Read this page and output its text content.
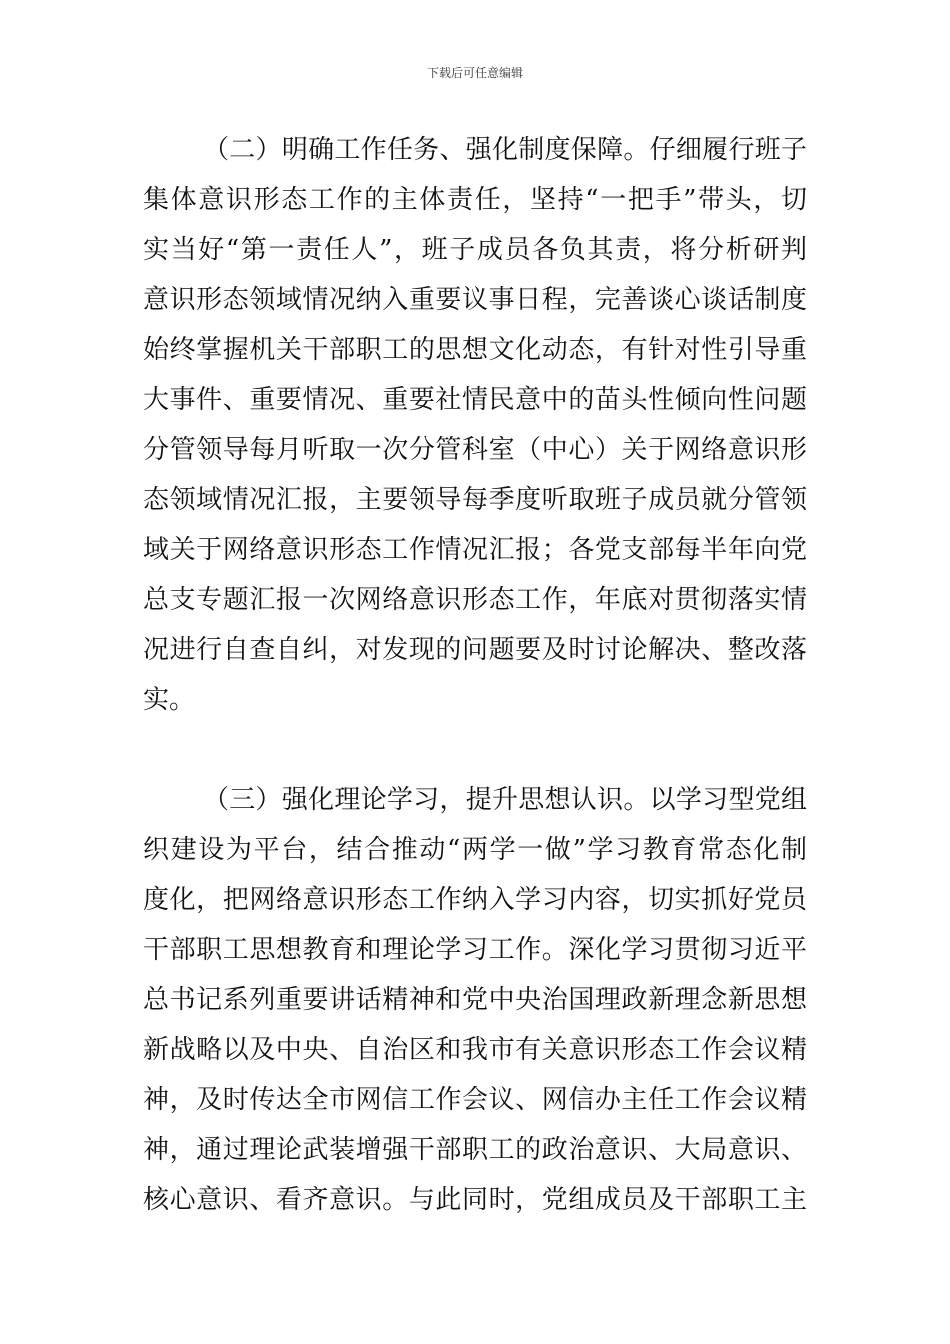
下载后可任意编辑
（二）明确工作任务、强化制度保障。仔细履行班子
集体意识形态工作的主体责任，坚持“一把手”带头，切
实当好“第一责任人”，班子成员各负其责，将分析研判
意识形态领域情况纳入重要议事日程，完善谈心谈话制度
始终掌握机关干部职工的思想文化动态，有针对性引导重
大事件、重要情况、重要社情民意中的苗头性倾向性问题
分管领导每月听取一次分管科室（中心）关于网络意识形
态领域情况汇报，主要领导每季度听取班子成员就分管领
域关于网络意识形态工作情况汇报；各党支部每半年向党
总支专题汇报一次网络意识形态工作，年底对贯彻落实情
况进行自查自纠，对发现的问题要及时讨论解决、整改落
实。
（三）强化理论学习，提升思想认识。以学习型党组
织建设为平台，结合推动“两学一做”学习教育常态化制
度化，把网络意识形态工作纳入学习内容，切实抓好党员
干部职工思想教育和理论学习工作。深化学习贯彻习近平
总书记系列重要讲话精神和党中央治国理政新理念新思想
新战略以及中央、自治区和我市有关意识形态工作会议精
神，及时传达全市网信工作会议、网信办主任工作会议精
神，通过理论武装增强干部职工的政治意识、大局意识、
核心意识、看齐意识。与此同时，党组成员及干部职工主
